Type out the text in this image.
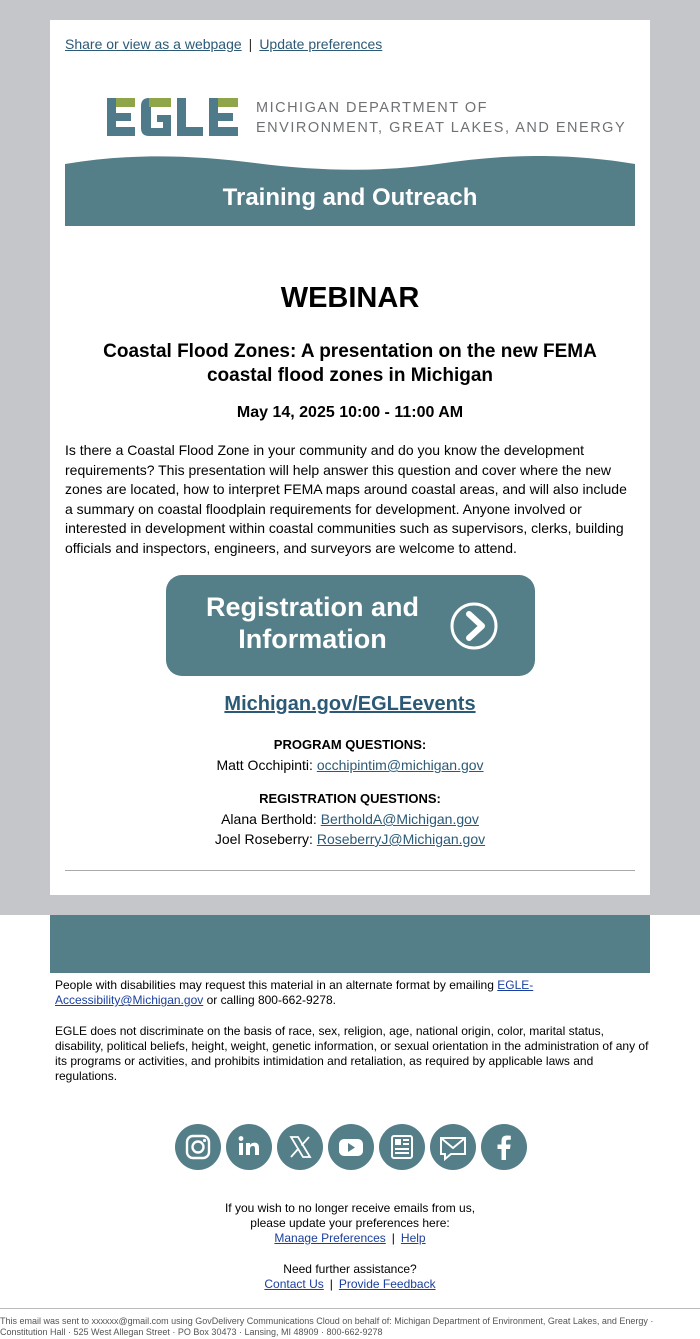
Share or view as a webpage | Update preferences
MICHIGAN DEPARTMENT OF
ENVIRONMENT, GREAT LAKES, AND ENERGY
Training and Outreach
WEBINAR
Coastal Flood Zones: A presentation on the new FEMA coastal flood zones in Michigan
May 14, 2025 10:00 - 11:00 AM
Is there a Coastal Flood Zone in your community and do you know the development requirements? This presentation will help answer this question and cover where the new zones are located, how to interpret FEMA maps around coastal areas, and will also include a summary on coastal floodplain requirements for development. Anyone involved or interested in development within coastal communities such as supervisors, clerks, building officials and inspectors, engineers, and surveyors are welcome to attend.
Registration and
Information
Michigan.gov/EGLEevents
PROGRAM QUESTIONS:
Matt Occhipinti: occhipintim@michigan.gov
REGISTRATION QUESTIONS:
Alana Berthold: BertholdA@Michigan.gov
Joel Roseberry: RoseberryJ@Michigan.gov
People with disabilities may request this material in an alternate format by emailing EGLE-Accessibility@Michigan.gov or calling 800-662-9278.
EGLE does not discriminate on the basis of race, sex, religion, age, national origin, color, marital status, disability, political beliefs, height, weight, genetic information, or sexual orientation in the administration of any of its programs or activities, and prohibits intimidation and retaliation, as required by applicable laws and regulations.
If you wish to no longer receive emails from us,
please update your preferences here:
Manage Preferences | Help
Need further assistance?
Contact Us | Provide Feedback
This email was sent to xxxxxx@gmail.com using GovDelivery Communications Cloud on behalf of: Michigan Department of Environment, Great Lakes, and Energy · Constitution Hall · 525 West Allegan Street · PO Box 30473 · Lansing, MI 48909 · 800-662-9278
